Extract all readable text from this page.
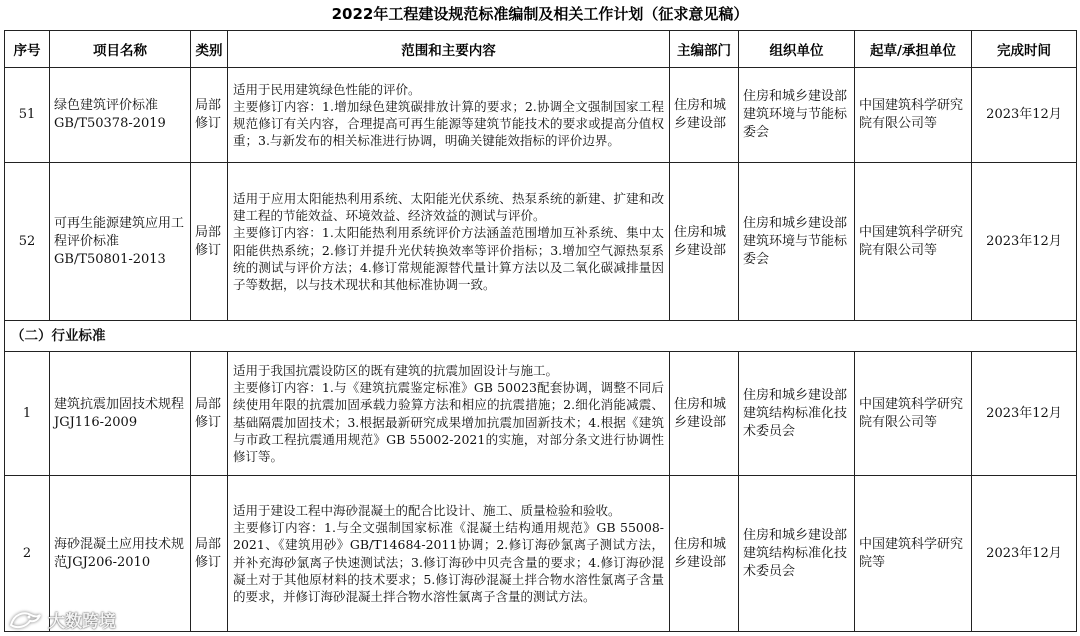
2022年工程建设规范标准编制及相关工作计划（征求意见稿）
序号	项目名称	类别	范围和主要内容	主编部门	组织单位	起草/承担单位	完成时间
51	绿色建筑评价标准GB/T50378-2019	局部修订	适用于民用建筑绿色性能的评价。
主要修订内容：1.增加绿色建筑碳排放计算的要求；2.协调全文强制国家工程规范修订有关内容，合理提高可再生能源等建筑节能技术的要求或提高分值权重；3.与新发布的相关标准进行协调，明确关键能效指标的评价边界。	住房和城乡建设部	住房和城乡建设部建筑环境与节能标委会	中国建筑科学研究院有限公司等	2023年12月
52	可再生能源建筑应用工程评价标准GB/T50801-2013	局部修订	适用于应用太阳能热利用系统、太阳能光伏系统、热泵系统的新建、扩建和改建工程的节能效益、环境效益、经济效益的测试与评价。
主要修订内容：1.太阳能热利用系统评价方法涵盖范围增加互补系统、集中太阳能供热系统；2.修订并提升光伏转换效率等评价指标；3.增加空气源热泵系统的测试与评价方法；4.修订常规能源替代量计算方法以及二氧化碳减排量因子等数据，以与技术现状和其他标准协调一致。	住房和城乡建设部	住房和城乡建设部建筑环境与节能标委会	中国建筑科学研究院有限公司等	2023年12月
（二）行业标准							
1	建筑抗震加固技术规程JGJ116-2009	局部修订	适用于我国抗震设防区的既有建筑的抗震加固设计与施工。
主要修订内容：1.与《建筑抗震鉴定标准》GB 50023配套协调，调整不同后续使用年限的抗震加固承载力验算方法和相应的抗震措施；2.细化消能减震、基础隔震加固技术；3.根据最新研究成果增加抗震加固新技术；4.根据《建筑与市政工程抗震通用规范》GB 55002-2021的实施，对部分条文进行协调性修订等。	住房和城乡建设部	住房和城乡建设部建筑结构标准化技术委员会	中国建筑科学研究院有限公司等	2023年12月
2	海砂混凝土应用技术规范JGJ206-2010	局部修订	适用于建设工程中海砂混凝土的配合比设计、施工、质量检验和验收。
主要修订内容：1.与全文强制国家标准《混凝土结构通用规范》GB 55008-2021、《建筑用砂》GB/T14684-2011协调；2.修订海砂氯离子测试方法，并补充海砂氯离子快速测试法；3.修订海砂中贝壳含量的要求；4.修订海砂混凝土对于其他原材料的技术要求；5.修订海砂混凝土拌合物水溶性氯离子含量的要求，并修订海砂混凝土拌合物水溶性氯离子含量的测试方法。	住房和城乡建设部	住房和城乡建设部建筑结构标准化技术委员会	中国建筑科学研究院等	2023年12月
大数跨境
